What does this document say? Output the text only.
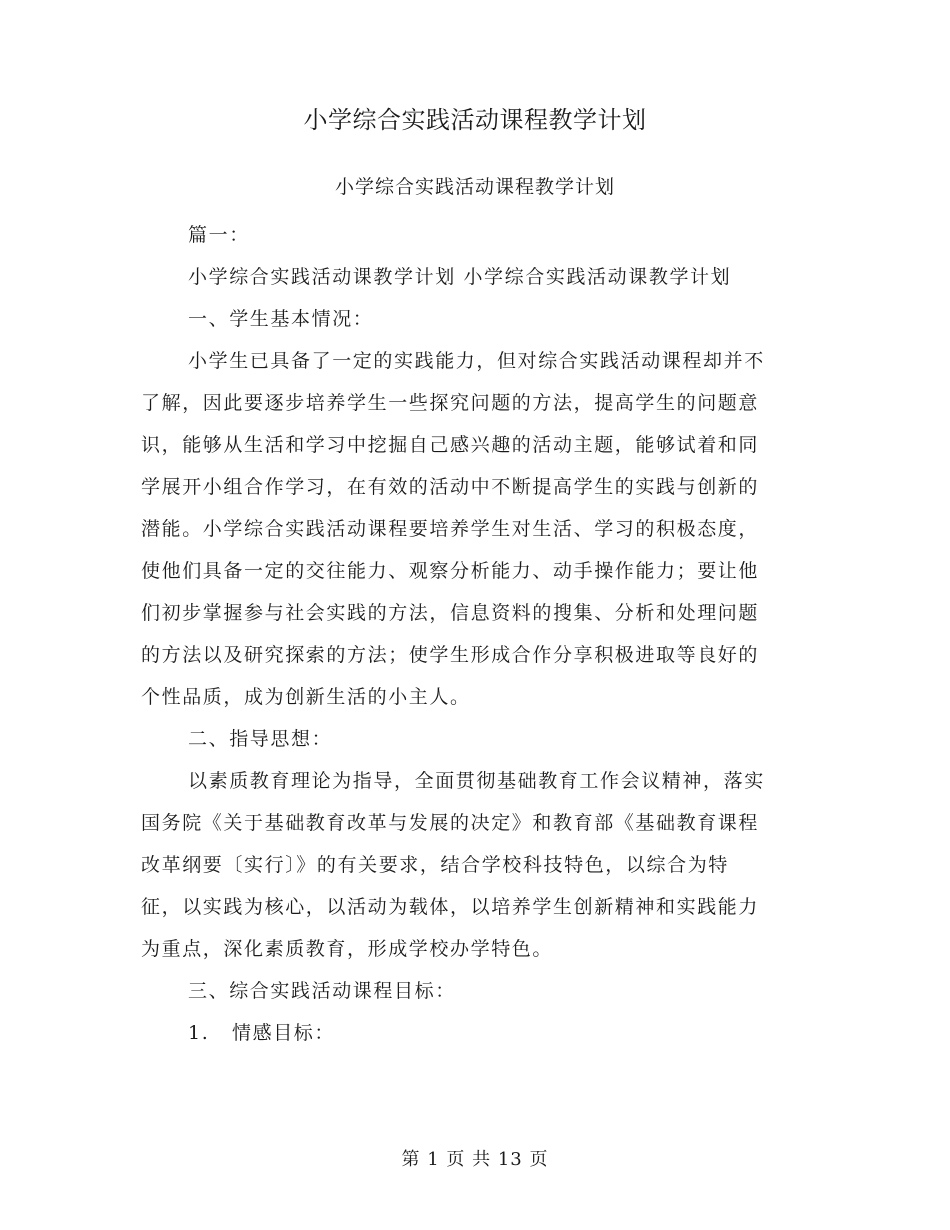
小学综合实践活动课程教学计划
小学综合实践活动课程教学计划
篇一：
小学综合实践活动课教学计划 小学综合实践活动课教学计划
一、学生基本情况：
小学生已具备了一定的实践能力，但对综合实践活动课程却并不
了解，因此要逐步培养学生一些探究问题的方法，提高学生的问题意
识，能够从生活和学习中挖掘自己感兴趣的活动主题，能够试着和同
学展开小组合作学习，在有效的活动中不断提高学生的实践与创新的
潜能。小学综合实践活动课程要培养学生对生活、学习的积极态度，
使他们具备一定的交往能力、观察分析能力、动手操作能力；要让他
们初步掌握参与社会实践的方法，信息资料的搜集、分析和处理问题
的方法以及研究探索的方法；使学生形成合作分享积极进取等良好的
个性品质，成为创新生活的小主人。
二、指导思想：
以素质教育理论为指导，全面贯彻基础教育工作会议精神，落实
国务院《关于基础教育改革与发展的决定》和教育部《基础教育课程
改革纲要〔实行〕》的有关要求，结合学校科技特色，以综合为特
征，以实践为核心，以活动为载体，以培养学生创新精神和实践能力
为重点，深化素质教育，形成学校办学特色。
三、综合实践活动课程目标：
1. 情感目标：
第 1 页 共 13 页
